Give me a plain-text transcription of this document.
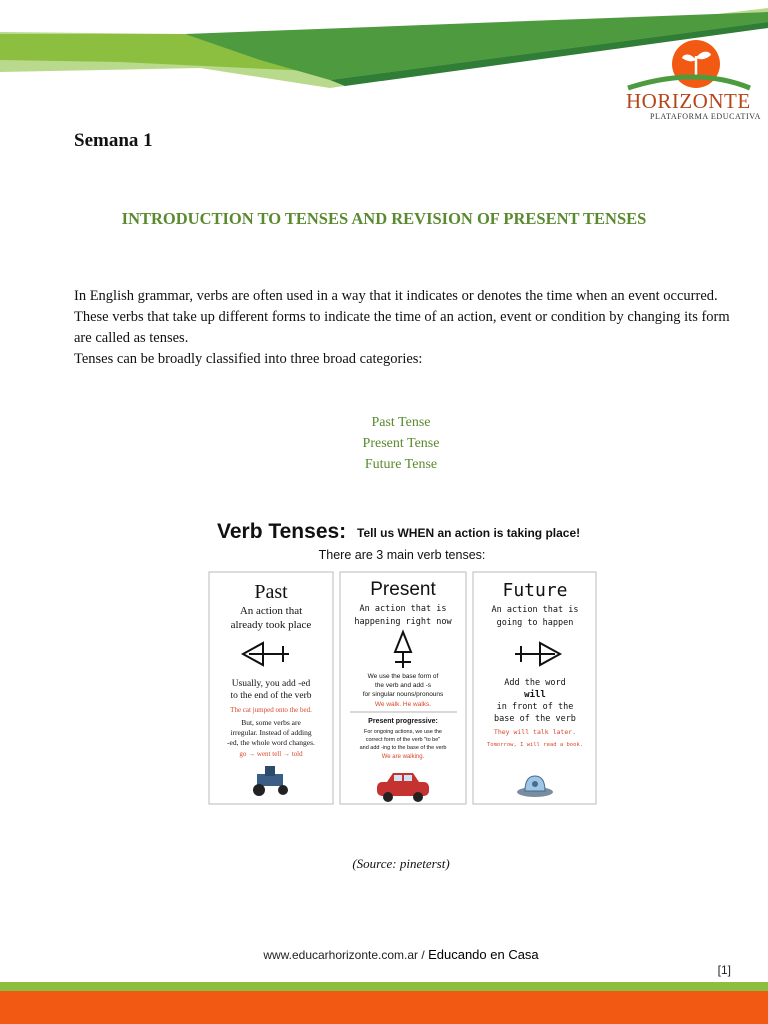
HORIZONTE
PLATAFORMA EDUCATIVA
Semana 1
INTRODUCTION TO TENSES AND REVISION OF PRESENT TENSES

In English grammar, verbs are often used in a way that it indicates or denotes the time when an event occurred. These verbs that take up different forms to indicate the time of an action, event or condition by changing its form are called as tenses.

Tenses can be broadly classified into three broad categories:

Past Tense
Present Tense
Future Tense
Verb Tenses: Tell us WHEN an action is taking place!
There are 3 main verb tenses:
Past
An action that
already took place
Usually, you add -ed
to the end of the verb
The cat jumped onto the bed.
But, some verbs are
irregular. Instead of adding
-ed, the whole word changes.
go → went tell → told
Present
An action that is
happening right now
We use the base form of
the verb and add -s
for singular nouns/pronouns
We walk. He walks.
Present progressive:
For ongoing actions, we use the
correct form of the verb "to be"
and add -ing to the base of the verb
We are walking.
Future
An action that is
going to happen
Add the word
will
in front of the
base of the verb
They will talk later.
Tomorrow, I will read a book.
(Source: pineterst)
www.educarhorizonte.com.ar / Educando en Casa
[1]
